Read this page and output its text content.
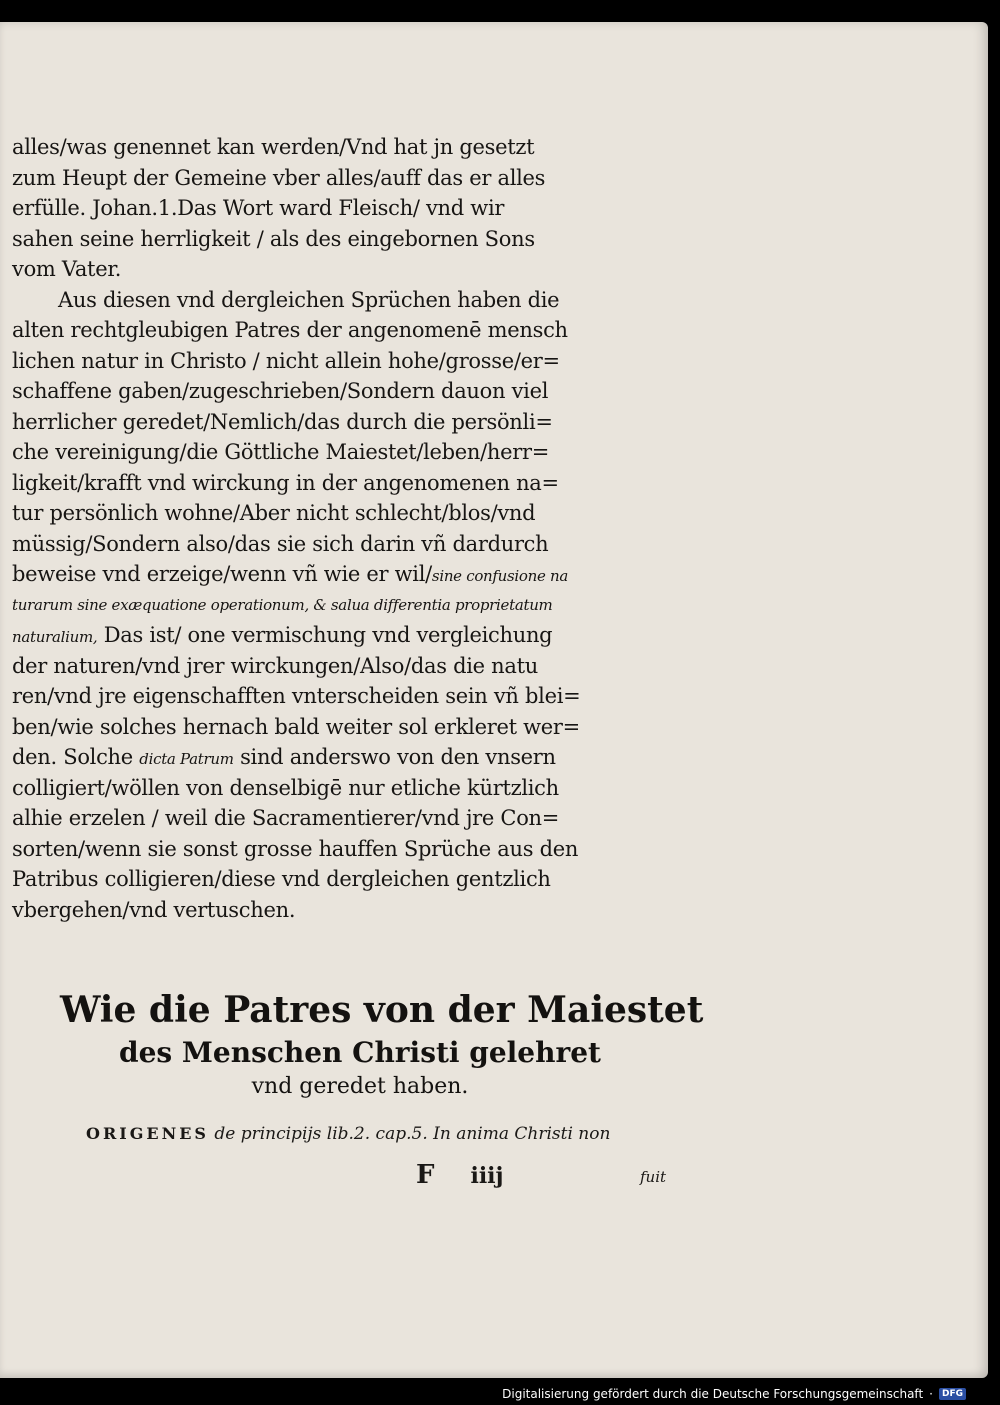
alles/was genennet kan werden/Vnd hat jn gesetzt
zum Heupt der Gemeine vber alles/auff das er alles
erfülle. Johan.1.Das Wort ward Fleisch/ vnd wir
sahen seine herrligkeit / als des eingebornen Sons
vom Vater.
Aus diesen vnd dergleichen Sprüchen haben die
alten rechtgleubigen Patres der angenomenē mensch
lichen natur in Christo / nicht allein hohe/grosse/er=
schaffene gaben/zugeschrieben/Sondern dauon viel
herrlicher geredet/Nemlich/das durch die persönli=
che vereinigung/die Göttliche Maiestet/leben/herr=
ligkeit/krafft vnd wirckung in der angenomenen na=
tur persönlich wohne/Aber nicht schlecht/blos/vnd
müssig/Sondern also/das sie sich darin vñ dardurch
beweise vnd erzeige/wenn vñ wie er wil/sine confusione na
turarum sine exæquatione operationum, & salua differentia proprietatum
naturalium, Das ist/ one vermischung vnd vergleichung
der naturen/vnd jrer wirckungen/Also/das die natu
ren/vnd jre eigenschafften vnterscheiden sein vñ blei=
ben/wie solches hernach bald weiter sol erkleret wer=
den. Solche dicta Patrum sind anderswo von den vnsern
colligiert/wöllen von denselbigē nur etliche kürtzlich
alhie erzelen / weil die Sacramentierer/vnd jre Con=
sorten/wenn sie sonst grosse hauffen Sprüche aus den
Patribus colligieren/diese vnd dergleichen gentzlich
vbergehen/vnd vertuschen.
Wie die Patres von der Maiestet
des Menschen Christi gelehret
vnd geredet haben.
ORIGENES de principijs lib.2. cap.5. In anima Christi non
F iiij	fuit
Digitalisierung gefördert durch die Deutsche Forschungsgemeinschaft ·	DFG
